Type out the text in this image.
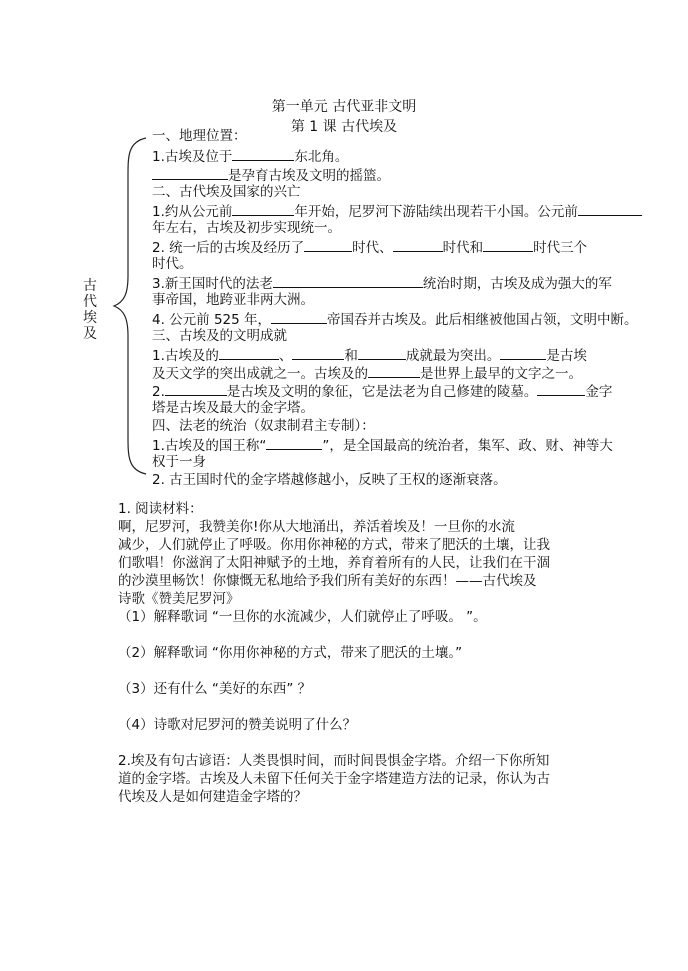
第一单元 古代亚非文明
第 1 课 古代埃及
古
代
埃
及
一、地理位置：
1.古埃及位于	东北角。
是孕育古埃及文明的摇篮。
二、古代埃及国家的兴亡
1.约从公元前	年开始，尼罗河下游陆续出现若干小国。公元前
年左右，古埃及初步实现统一。
2. 统一后的古埃及经历了	时代、	时代和	时代三个
时代。
3.新王国时代的法老	统治时期，古埃及成为强大的军
事帝国，地跨亚非两大洲。
4. 公元前 525 年，	帝国吞并古埃及。此后相继被他国占领，文明中断。
三、古埃及的文明成就
1.古埃及的	、	和	成就最为突出。	是古埃
及天文学的突出成就之一。古埃及的	是世界上最早的文字之一。
2.	是古埃及文明的象征，它是法老为自己修建的陵墓。	金字
塔是古埃及最大的金字塔。
四、法老的统治（奴隶制君主专制）：
1.古埃及的国王称“	”，是全国最高的统治者，集军、政、财、神等大
权于一身
2. 古王国时代的金字塔越修越小，反映了王权的逐渐衰落。
1. 阅读材料：
啊，尼罗河，我赞美你!你从大地涌出，养活着埃及！一旦你的水流
减少，人们就停止了呼吸。你用你神秘的方式，带来了肥沃的土壤，让我
们歌唱！你滋润了太阳神赋予的土地，养育着所有的人民，让我们在干涸
的沙漠里畅饮！你慷慨无私地给予我们所有美好的东西！——古代埃及
诗歌《赞美尼罗河》
（1）解释歌词 “一旦你的水流减少，人们就停止了呼吸。 ”。
（2）解释歌词 “你用你神秘的方式，带来了肥沃的土壤。”
（3）还有什么 “美好的东西” ？
（4）诗歌对尼罗河的赞美说明了什么？
2.埃及有句古谚语：人类畏惧时间，而时间畏惧金字塔。介绍一下你所知
道的金字塔。古埃及人未留下任何关于金字塔建造方法的记录，你认为古
代埃及人是如何建造金字塔的？
